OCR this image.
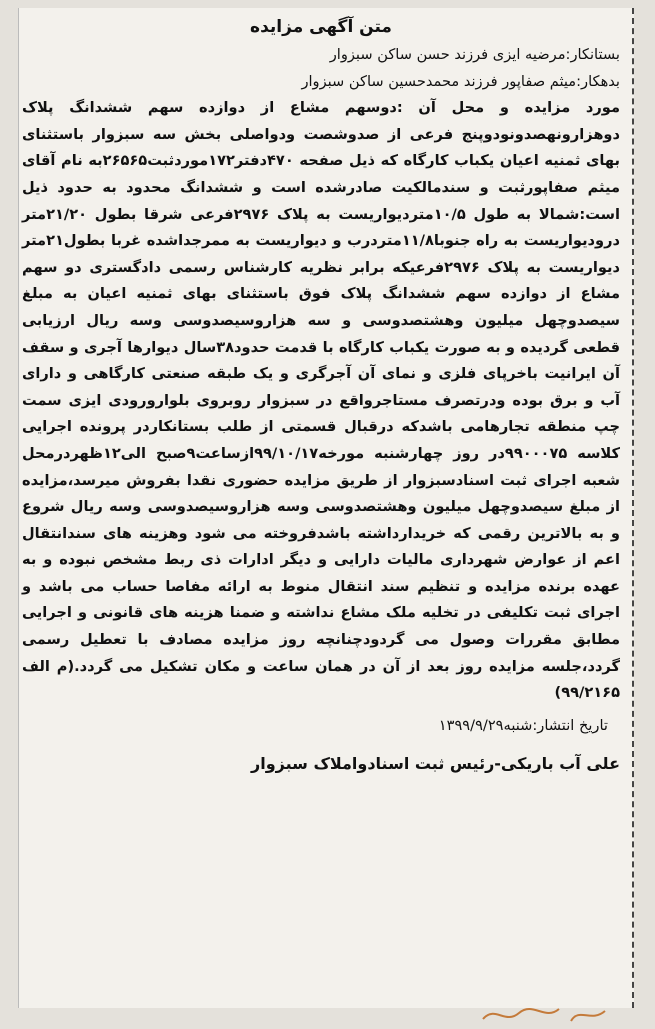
متن آگهی مزایده

بستانکار:مرضیه ایزی فرزند حسن ساکن سبزوار

بدهکار:میثم صفاپور فرزند محمدحسین ساکن سبزوار

مورد مزایده و محل آن :دوسهم مشاع از دوازده سهم ششدانگ پلاک دوهزارونهصدونودوپنج فرعی از صدوشصت ودواصلی بخش سه سبزوار باستثنای بهای ثمنیه اعیان یکباب کارگاه که ذیل صفحه ۴۷۰دفتر۱۷۲موردثبت۲۶۵۶۵به نام آقای میثم صفاپورثبت و سندمالکیت صادرشده است و ششدانگ محدود به حدود ذیل است:شمالا به طول ۱۰/۵متردیواریست به پلاک ۲۹۷۶فرعی شرقا بطول ۲۱/۲۰متر درودیواریست به راه جنوبا۱۱/۸متردرب و دیواریست به ممرجداشده غربا بطول۲۱متر دیواریست به پلاک ۲۹۷۶فرعیکه برابر نظریه کارشناس رسمی دادگستری دو سهم مشاع از دوازده سهم ششدانگ پلاک فوق باستثنای بهای ثمنیه اعیان به مبلغ سیصدوچهل میلیون وهشتصدوسی و سه هزاروسیصدوسی وسه ریال ارزیابی قطعی گردیده و به صورت یکباب کارگاه با قدمت حدود۳۸سال دیوارها آجری و سقف آن ایرانیت باخرپای فلزی و نمای آن آجرگری و یک طبقه صنعتی کارگاهی و دارای آب و برق بوده ودرتصرف مستاجرواقع در سبزوار روبروی بلوارورودی ایزی سمت چپ منطقه تجارهامی باشدکه درقبال قسمتی از طلب بستانکاردر پرونده اجرایی کلاسه ۹۹۰۰۰۷۵در روز چهارشنبه مورخه۹۹/۱۰/۱۷ازساعت۹صبح الی۱۲ظهردرمحل شعبه اجرای ثبت اسنادسبزوار از طریق مزایده حضوری نقدا بفروش میرسد،مزایده از مبلغ سیصدوچهل میلیون وهشتصدوسی وسه هزاروسیصدوسی وسه ریال شروع و به بالاترین رقمی که خریدارداشته باشدفروخته می شود وهزینه های سندانتقال اعم از عوارض شهرداری مالیات دارایی و دیگر ادارات ذی ربط مشخص نبوده و به عهده برنده مزایده و تنظیم سند انتقال منوط به ارائه مفاصا حساب می باشد و اجرای ثبت تکلیفی در تخلیه ملک مشاع نداشته و ضمنا هزینه های قانونی و اجرایی مطابق مقررات وصول می گردودچنانچه روز مزایده مصادف با تعطیل رسمی گردد،جلسه مزایده روز بعد از آن در همان ساعت و مکان تشکیل می گردد.(م الف ۹۹/۲۱۶۵)

تاریخ انتشار:شنبه۱۳۹۹/۹/۲۹

علی آب باریکی-رئیس ثبت اسنادواملاک سبزوار
